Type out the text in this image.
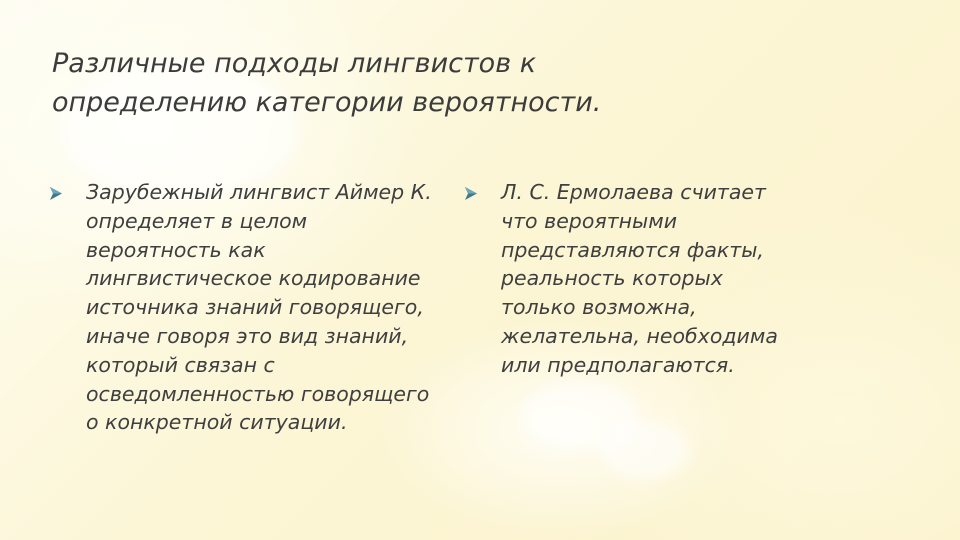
Различные подходы лингвистов к
определению категории вероятности.

Зарубежный лингвист Аймер К.
определяет в целом
вероятность как
лингвистическое кодирование
источника знаний говорящего,
иначе говоря это вид знаний,
который связан с
осведомленностью говорящего
о конкретной ситуации.

Л. С. Ермолаева считает
что вероятными
представляются факты,
реальность которых
только возможна,
желательна, необходима
или предполагаются.
